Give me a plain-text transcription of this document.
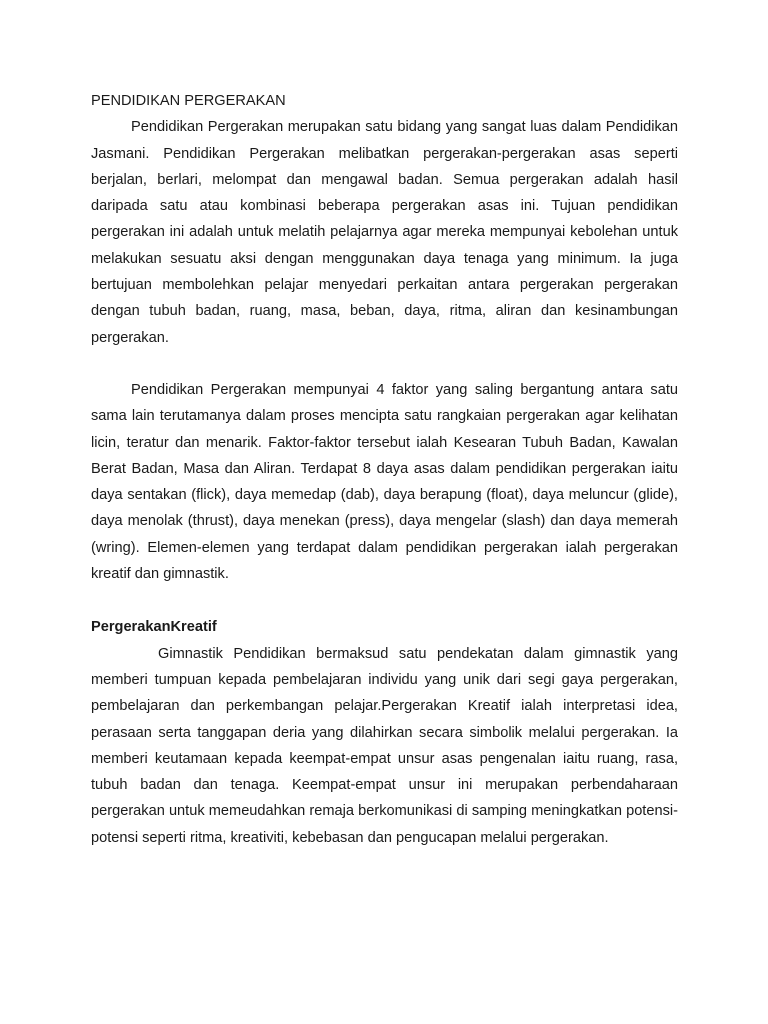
PENDIDIKAN PERGERAKAN

Pendidikan Pergerakan merupakan satu bidang yang sangat luas dalam Pendidikan Jasmani. Pendidikan Pergerakan melibatkan pergerakan-pergerakan asas seperti berjalan, berlari, melompat dan mengawal badan. Semua pergerakan adalah hasil daripada satu atau kombinasi beberapa pergerakan asas ini. Tujuan pendidikan pergerakan ini adalah untuk melatih pelajarnya agar mereka mempunyai kebolehan untuk melakukan sesuatu aksi dengan menggunakan daya tenaga yang minimum. Ia juga bertujuan membolehkan pelajar menyedari perkaitan antara pergerakan pergerakan dengan tubuh badan, ruang, masa, beban, daya, ritma, aliran dan kesinambungan pergerakan.

Pendidikan Pergerakan mempunyai 4 faktor yang saling bergantung antara satu sama lain terutamanya dalam proses mencipta satu rangkaian pergerakan agar kelihatan licin, teratur dan menarik. Faktor-faktor tersebut ialah Kesearan Tubuh Badan, Kawalan Berat Badan, Masa dan Aliran. Terdapat 8 daya asas dalam pendidikan pergerakan iaitu daya sentakan (flick), daya memedap (dab), daya berapung (float), daya meluncur (glide), daya menolak (thrust), daya menekan (press), daya mengelar (slash) dan daya memerah (wring). Elemen-elemen yang terdapat dalam pendidikan pergerakan ialah pergerakan kreatif dan gimnastik.

PergerakanKreatif

Gimnastik Pendidikan bermaksud satu pendekatan dalam gimnastik yang memberi tumpuan kepada pembelajaran individu yang unik dari segi gaya pergerakan, pembelajaran dan perkembangan pelajar.Pergerakan Kreatif ialah interpretasi idea, perasaan serta tanggapan deria yang dilahirkan secara simbolik melalui pergerakan. Ia memberi keutamaan kepada keempat-empat unsur asas pengenalan iaitu ruang, rasa, tubuh badan dan tenaga. Keempat-empat unsur ini merupakan perbendaharaan pergerakan untuk memeudahkan remaja berkomunikasi di samping meningkatkan potensi-potensi seperti ritma, kreativiti, kebebasan dan pengucapan melalui pergerakan.
